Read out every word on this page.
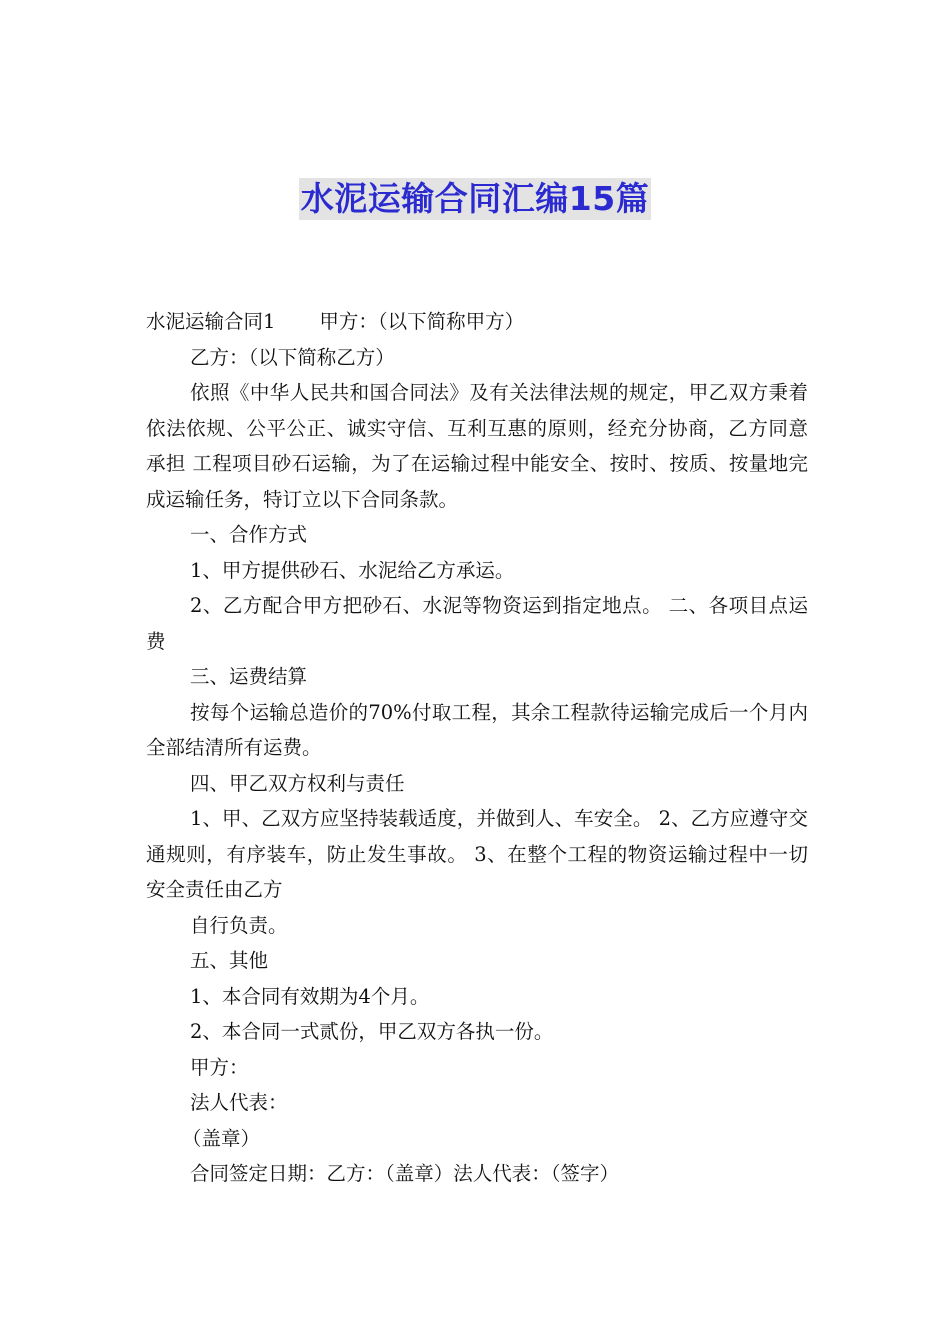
水泥运输合同汇编15篇

水泥运输合同1 甲方：（以下简称甲方）

乙方：（以下简称乙方）

依照《中华人民共和国合同法》及有关法律法规的规定，甲乙双方秉着依法依规、公平公正、诚实守信、互利互惠的原则，经充分协商，乙方同意承担 工程项目砂石运输，为了在运输过程中能安全、按时、按质、按量地完成运输任务，特订立以下合同条款。

一、合作方式

1、甲方提供砂石、水泥给乙方承运。

2、乙方配合甲方把砂石、水泥等物资运到指定地点。 二、各项目点运费

三、运费结算

按每个运输总造价的70%付取工程，其余工程款待运输完成后一个月内全部结清所有运费。

四、甲乙双方权利与责任

1、甲、乙双方应坚持装载适度，并做到人、车安全。 2、乙方应遵守交通规则，有序装车，防止发生事故。 3、在整个工程的物资运输过程中一切安全责任由乙方

自行负责。

五、其他

1、本合同有效期为4个月。

2、本合同一式贰份，甲乙双方各执一份。

甲方：

法人代表：

（盖章）

合同签定日期：乙方：（盖章）法人代表：（签字）
